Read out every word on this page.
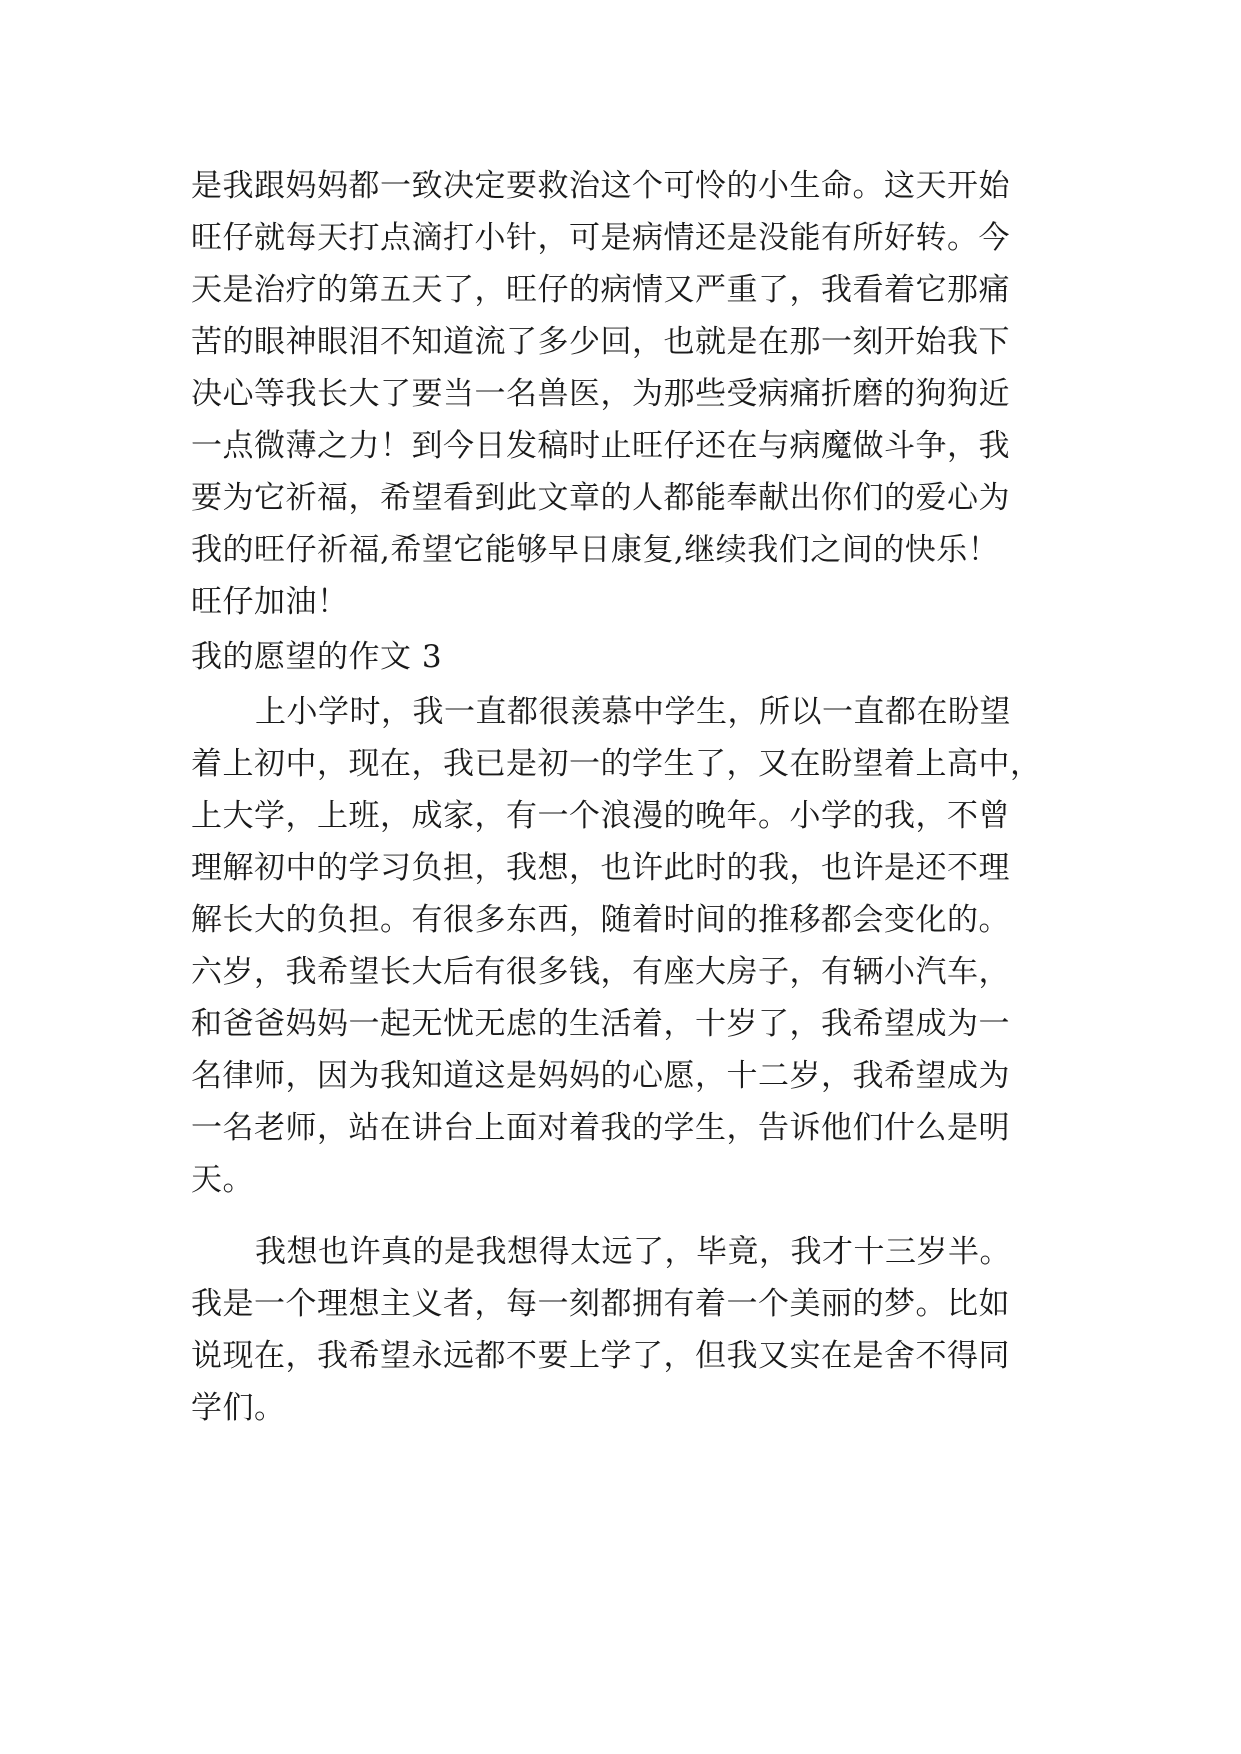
是我跟妈妈都一致决定要救治这个可怜的小生命。这天开始
旺仔就每天打点滴打小针，可是病情还是没能有所好转。今
天是治疗的第五天了，旺仔的病情又严重了，我看着它那痛
苦的眼神眼泪不知道流了多少回，也就是在那一刻开始我下
决心等我长大了要当一名兽医，为那些受病痛折磨的狗狗近
一点微薄之力！到今日发稿时止旺仔还在与病魔做斗争，我
要为它祈福，希望看到此文章的人都能奉献出你们的爱心为
我的旺仔祈福,希望它能够早日康复,继续我们之间的快乐！
旺仔加油！
我的愿望的作文 3
上小学时，我一直都很羡慕中学生，所以一直都在盼望
着上初中，现在，我已是初一的学生了，又在盼望着上高中，
上大学，上班，成家，有一个浪漫的晚年。小学的我，不曾
理解初中的学习负担，我想，也许此时的我，也许是还不理
解长大的负担。有很多东西，随着时间的推移都会变化的。
六岁，我希望长大后有很多钱，有座大房子，有辆小汽车，
和爸爸妈妈一起无忧无虑的生活着，十岁了，我希望成为一
名律师，因为我知道这是妈妈的心愿，十二岁，我希望成为
一名老师，站在讲台上面对着我的学生，告诉他们什么是明
天。
我想也许真的是我想得太远了，毕竟，我才十三岁半。
我是一个理想主义者，每一刻都拥有着一个美丽的梦。比如
说现在，我希望永远都不要上学了，但我又实在是舍不得同
学们。
